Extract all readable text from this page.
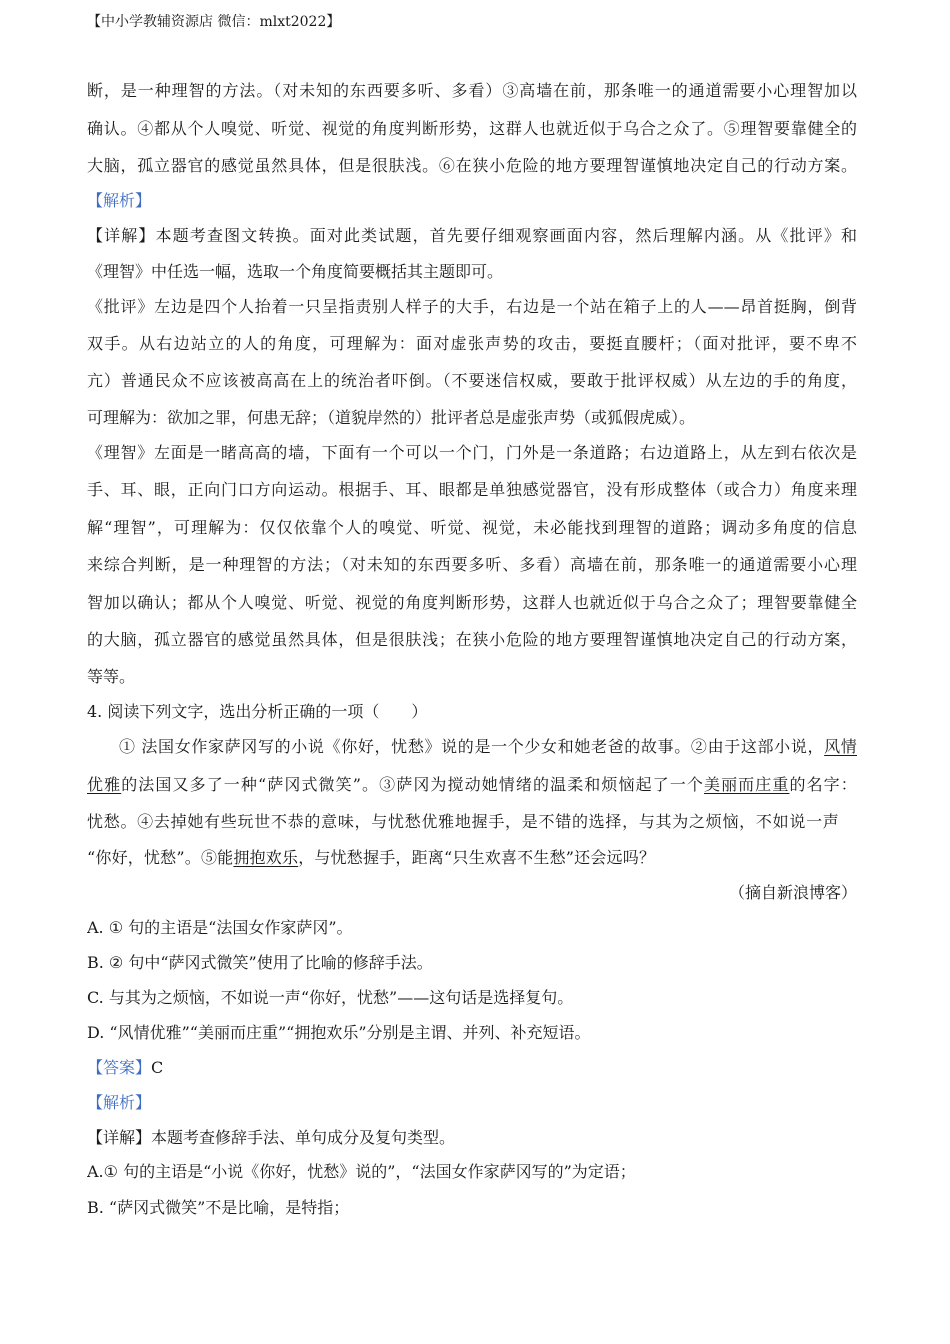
【中小学教辅资源店 微信：mlxt2022】
断，是一种理智的方法。（对未知的东西要多听、多看）③高墙在前，那条唯一的通道需要小心理智加以
确认。④都从个人嗅觉、听觉、视觉的角度判断形势，这群人也就近似于乌合之众了。⑤理智要靠健全的
大脑，孤立器官的感觉虽然具体，但是很肤浅。⑥在狭小危险的地方要理智谨慎地决定自己的行动方案。
【解析】
【详解】本题考查图文转换。面对此类试题，首先要仔细观察画面内容，然后理解内涵。从《批评》和
《理智》中任选一幅，选取一个角度简要概括其主题即可。
《批评》左边是四个人抬着一只呈指责别人样子的大手，右边是一个站在箱子上的人——昂首挺胸，倒背
双手。从右边站立的人的角度，可理解为：面对虚张声势的攻击，要挺直腰杆；（面对批评，要不卑不
亢）普通民众不应该被高高在上的统治者吓倒。（不要迷信权威，要敢于批评权威）从左边的手的角度，
可理解为：欲加之罪，何患无辞；（道貌岸然的）批评者总是虚张声势（或狐假虎威）。
《理智》左面是一睹高高的墙，下面有一个可以一个门，门外是一条道路；右边道路上，从左到右依次是
手、耳、眼，正向门口方向运动。根据手、耳、眼都是单独感觉器官，没有形成整体（或合力）角度来理
解“理智”，可理解为：仅仅依靠个人的嗅觉、听觉、视觉，未必能找到理智的道路；调动多角度的信息
来综合判断，是一种理智的方法；（对未知的东西要多听、多看）高墙在前，那条唯一的通道需要小心理
智加以确认；都从个人嗅觉、听觉、视觉的角度判断形势，这群人也就近似于乌合之众了；理智要靠健全
的大脑，孤立器官的感觉虽然具体，但是很肤浅；在狭小危险的地方要理智谨慎地决定自己的行动方案，
等等。
4. 阅读下列文字，选出分析正确的一项（　　）
① 法国女作家萨冈写的小说《你好，忧愁》说的是一个少女和她老爸的故事。②由于这部小说，风情
优雅的法国又多了一种“萨冈式微笑”。③萨冈为搅动她情绪的温柔和烦恼起了一个美丽而庄重的名字：
忧愁。④去掉她有些玩世不恭的意味，与忧愁优雅地握手，是不错的选择，与其为之烦恼，不如说一声
“你好，忧愁”。⑤能拥抱欢乐，与忧愁握手，距离“只生欢喜不生愁”还会远吗？
（摘自新浪博客）
A. ① 句的主语是“法国女作家萨冈”。
B. ② 句中“萨冈式微笑”使用了比喻的修辞手法。
C. 与其为之烦恼，不如说一声“你好，忧愁”——这句话是选择复句。
D. “风情优雅”“美丽而庄重”“拥抱欢乐”分别是主谓、并列、补充短语。
【答案】C
【解析】
【详解】本题考查修辞手法、单句成分及复句类型。
A.① 句的主语是“小说《你好，忧愁》说的”，“法国女作家萨冈写的”为定语；
B. “萨冈式微笑”不是比喻，是特指；
